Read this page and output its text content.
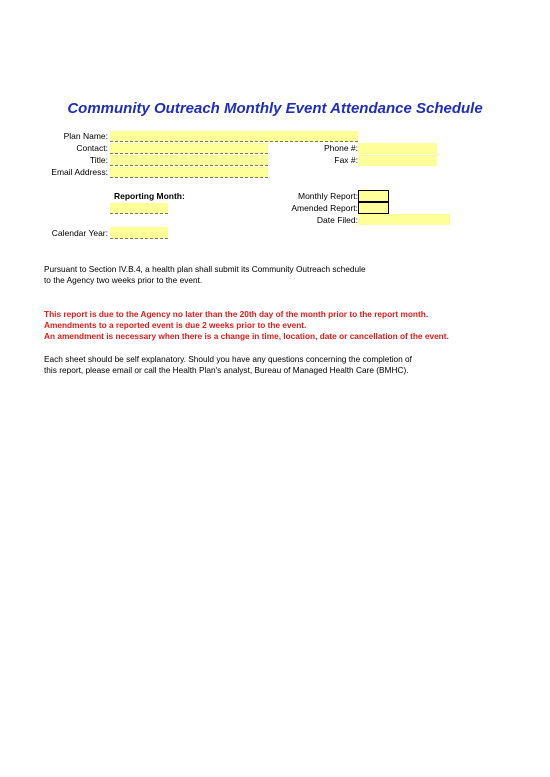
Community Outreach Monthly Event Attendance Schedule
Plan Name:
Contact:
Title:
Email Address:
Phone #:
Fax #:
Reporting Month:	Monthly Report:
Amended Report:
Date Filed:
Calendar Year:
Pursuant to Section IV.B.4, a health plan shall submit its Community Outreach schedule
to the Agency two weeks prior to the event.
This report is due to the Agency no later than the 20th day of the month prior to the report month.
Amendments to a reported event is due 2 weeks prior to the event.
An amendment is necessary when there is a change in time, location, date or cancellation of the event.
Each sheet should be self explanatory. Should you have any questions concerning the completion of
this report, please email or call the Health Plan's analyst, Bureau of Managed Health Care (BMHC).
